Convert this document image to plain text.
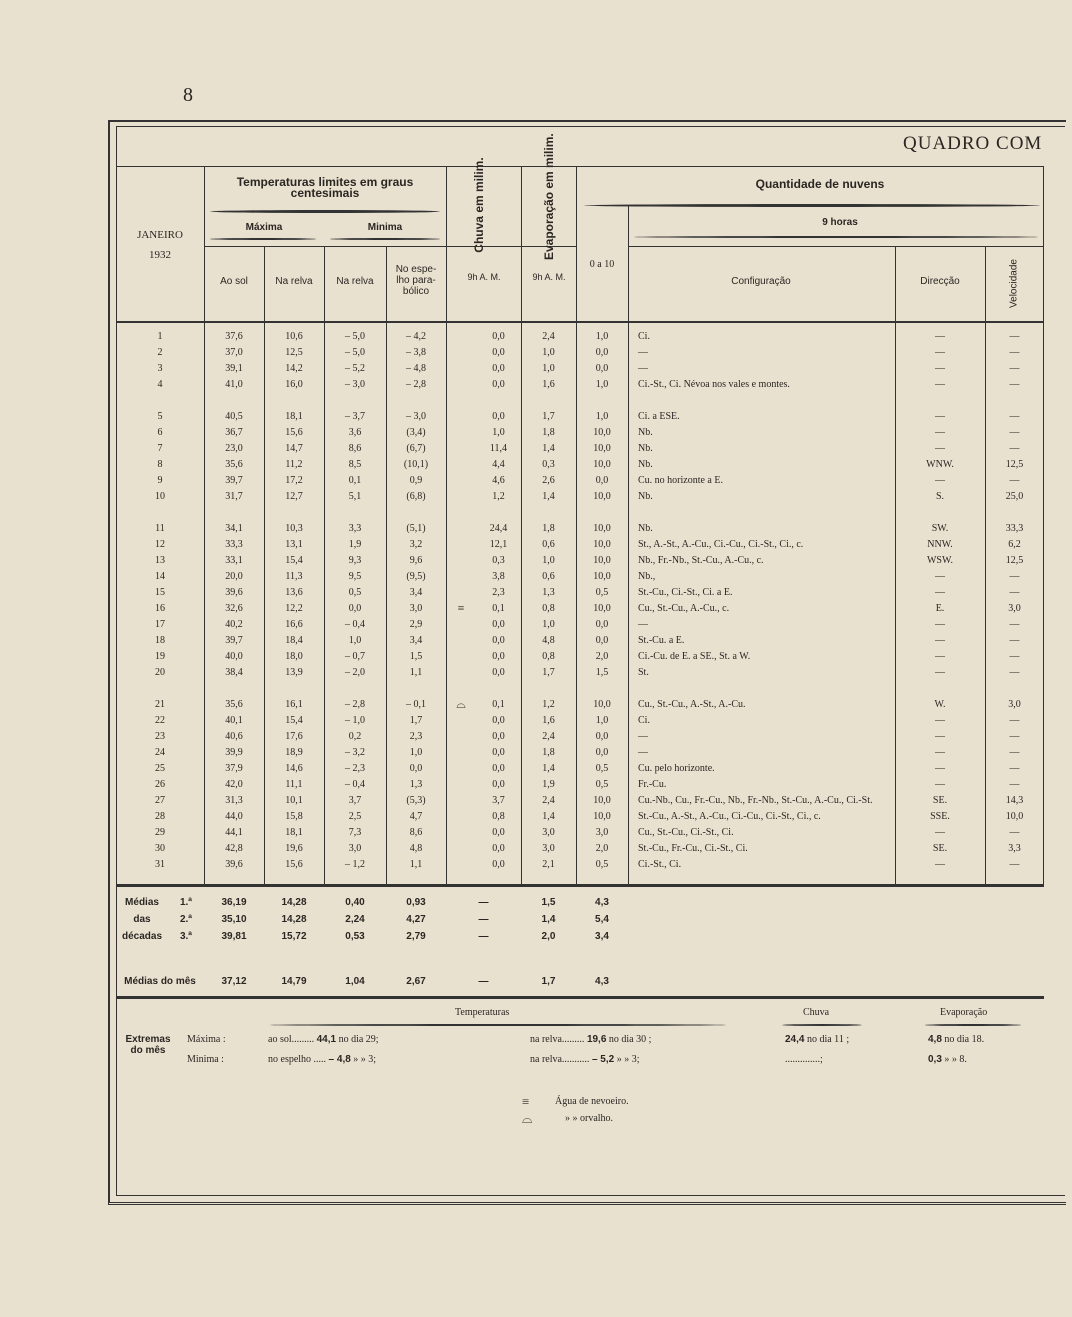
8
QUADRO COM
JANEIRO
1932
Temperaturas limites em graus centesimais
Máxima	Minima
Ao sol	Na relva	Na relva
No espe- lho para- bólico
Chuva em milim.	Evaporação em milim.
9h A. M.	9h A. M.
Quantidade de nuvens
9 horas
0 a 10
Configuração	Direcção	Velocidade
1	37,6	10,6	– 5,0	– 4,2		0,0	2,4	1,0	Ci.	—	—
2	37,0	12,5	– 5,0	– 3,8		0,0	1,0	0,0	—	—	—
3	39,1	14,2	– 5,2	– 4,8		0,0	1,0	0,0	—	—	—
4	41,0	16,0	– 3,0	– 2,8		0,0	1,6	1,0	Ci.-St., Ci. Névoa nos vales e montes.	—	—

5	40,5	18,1	– 3,7	– 3,0		0,0	1,7	1,0	Ci. a ESE.	—	—
6	36,7	15,6	3,6	(3,4)		1,0	1,8	10,0	Nb.	—	—
7	23,0	14,7	8,6	(6,7)		11,4	1,4	10,0	Nb.	—	—
8	35,6	11,2	8,5	(10,1)		4,4	0,3	10,0	Nb.	WNW.	12,5
9	39,7	17,2	0,1	0,9		4,6	2,6	0,0	Cu. no horizonte a E.	—	—
10	31,7	12,7	5,1	(6,8)		1,2	1,4	10,0	Nb.	S.	25,0

11	34,1	10,3	3,3	(5,1)		24,4	1,8	10,0	Nb.	SW.	33,3
12	33,3	13,1	1,9	3,2		12,1	0,6	10,0	St., A.-St., A.-Cu., Ci.-Cu., Ci.-St., Ci., c.	NNW.	6,2
13	33,1	15,4	9,3	9,6		0,3	1,0	10,0	Nb., Fr.-Nb., St.-Cu., A.-Cu., c.	WSW.	12,5
14	20,0	11,3	9,5	(9,5)		3,8	0,6	10,0	Nb.,	—	—
15	39,6	13,6	0,5	3,4		2,3	1,3	0,5	St.-Cu., Ci.-St., Ci. a E.	—	—
16	32,6	12,2	0,0	3,0	≡	0,1	0,8	10,0	Cu., St.-Cu., A.-Cu., c.	E.	3,0
17	40,2	16,6	– 0,4	2,9		0,0	1,0	0,0	—	—	—
18	39,7	18,4	1,0	3,4		0,0	4,8	0,0	St.-Cu. a E.	—	—
19	40,0	18,0	– 0,7	1,5		0,0	0,8	2,0	Ci.-Cu. de E. a SE., St. a W.	—	—
20	38,4	13,9	– 2,0	1,1		0,0	1,7	1,5	St.	—	—

21	35,6	16,1	– 2,8	– 0,1	⌓	0,1	1,2	10,0	Cu., St.-Cu., A.-St., A.-Cu.	W.	3,0
22	40,1	15,4	– 1,0	1,7		0,0	1,6	1,0	Ci.	—	—
23	40,6	17,6	0,2	2,3		0,0	2,4	0,0	—	—	—
24	39,9	18,9	– 3,2	1,0		0,0	1,8	0,0	—	—	—
25	37,9	14,6	– 2,3	0,0		0,0	1,4	0,5	Cu. pelo horizonte.	—	—
26	42,0	11,1	– 0,4	1,3		0,0	1,9	0,5	Fr.-Cu.	—	—
27	31,3	10,1	3,7	(5,3)		3,7	2,4	10,0	Cu.-Nb., Cu., Fr.-Cu., Nb., Fr.-Nb., St.-Cu., A.-Cu., Ci.-St.	SE.	14,3
28	44,0	15,8	2,5	4,7		0,8	1,4	10,0	St.-Cu., A.-St., A.-Cu., Ci.-Cu., Ci.-St., Ci., c.	SSE.	10,0
29	44,1	18,1	7,3	8,6		0,0	3,0	3,0	Cu., St.-Cu., Ci.-St., Ci.	—	—
30	42,8	19,6	3,0	4,8		0,0	3,0	2,0	St.-Cu., Fr.-Cu., Ci.-St., Ci.	SE.	3,3
31	39,6	15,6	– 1,2	1,1		0,0	2,1	0,5	Ci.-St., Ci.	—	—
Médias	1.ª	36,19	14,28	0,40	0,93	—	1,5	4,3	
das	2.ª	35,10	14,28	2,24	4,27	—	1,4	5,4	
décadas	3.ª	39,81	15,72	0,53	2,79	—	2,0	3,4	

Médias do mês		37,12	14,79	1,04	2,67	—	1,7	4,3	
Temperaturas	Chuva	Evaporação
Extremas do mês
Máxima :
Minima :
ao sol......... 44,1 no dia 29;	na relva......... 19,6 no dia 30 ;	24,4 no dia 11 ;	4,8 no dia 18.
no espelho ..... – 4,8 » » 3;	na relva........... – 5,2 » » 3;	..............;	0,3 » » 8.
≡	Água de nevoeiro.
⌓	» » orvalho.
